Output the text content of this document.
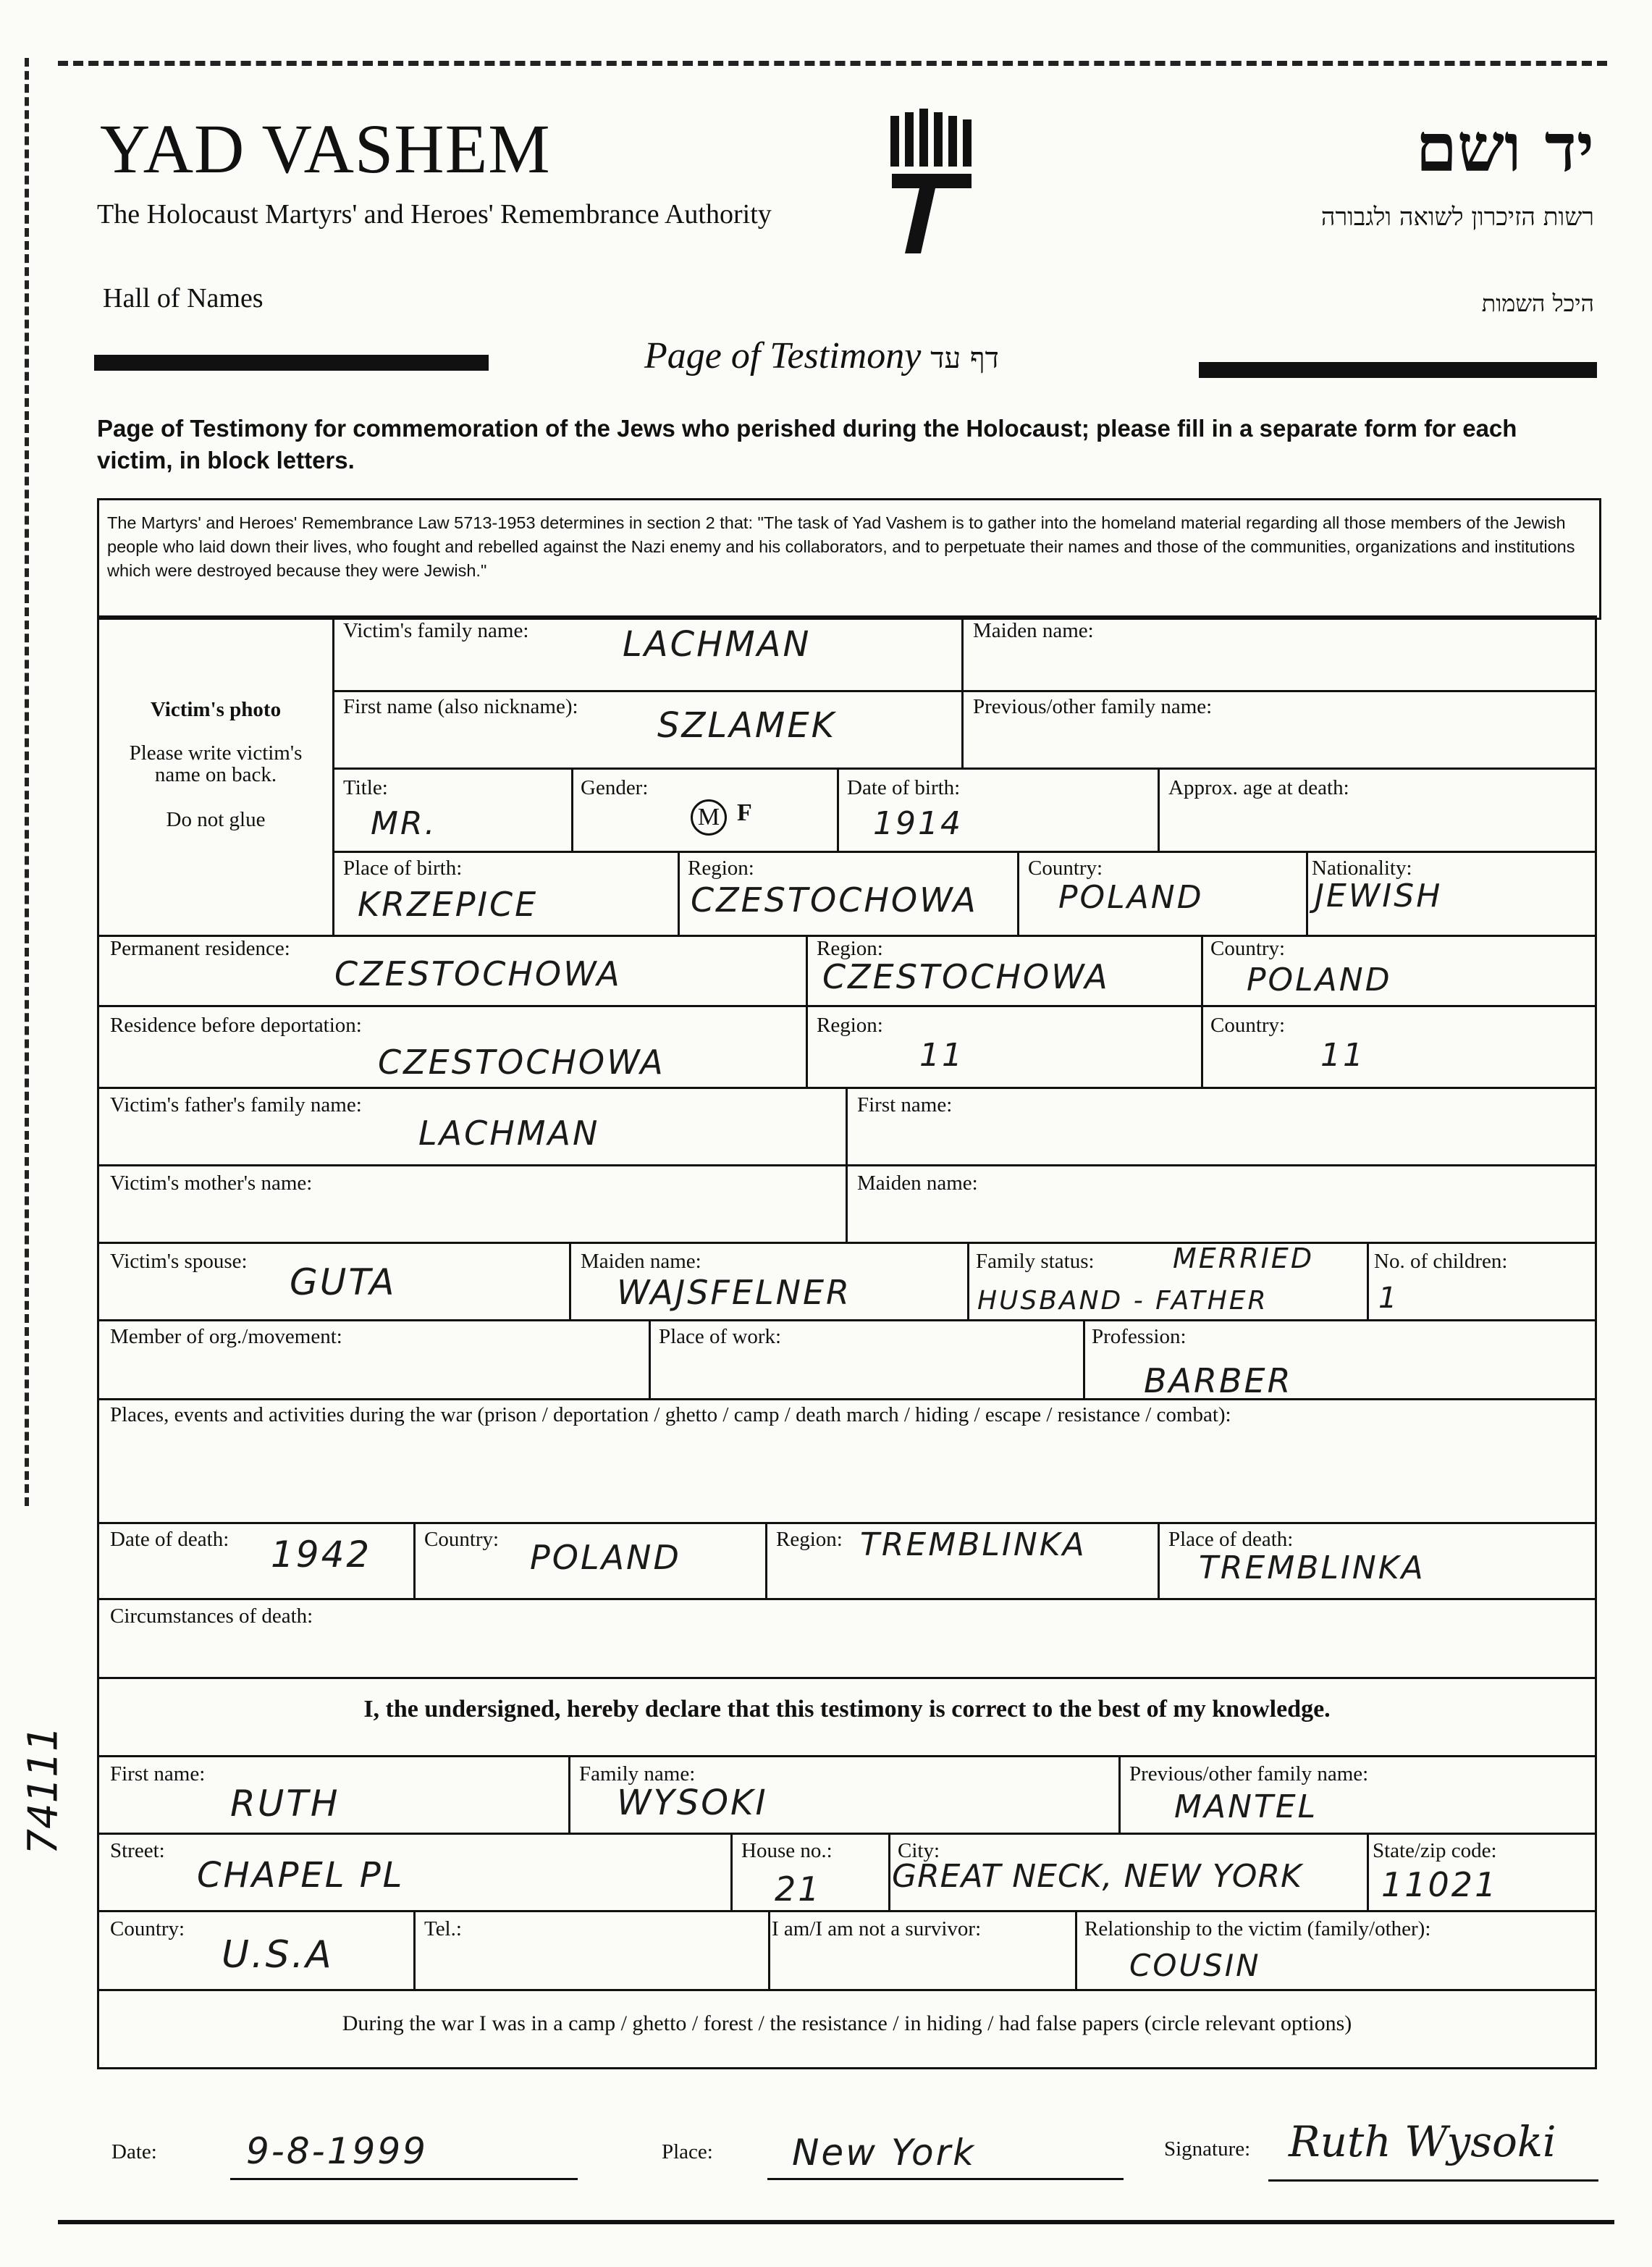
YAD VASHEM
The Holocaust Martyrs' and Heroes' Remembrance Authority
Hall of Names
יד ושם
רשות הזיכרון לשואה ולגבורה
היכל השמות
Page of Testimony דף עד
Page of Testimony for commemoration of the Jews who perished during the Holocaust; please fill in a separate form for each victim, in block letters.
The Martyrs' and Heroes' Remembrance Law 5713-1953 determines in section 2 that: "The task of Yad Vashem is to gather into the homeland material regarding all those members of the Jewish people who laid down their lives, who fought and rebelled against the Nazi enemy and his collaborators, and to perpetuate their names and those of the communities, organizations and institutions which were destroyed because they were Jewish."
Victim's photo
Please write victim's
name on back.
Do not glue
Victim's family name:	LACHMAN	Maiden name:
First name (also nickname): SZLAMEK	Previous/other family name:
Title:
MR.
Gender:
M F
Date of birth:
1914
Approx. age at death:
Place of birth:
KRZEPICE
Region:
CZESTOCHOWA
Country:
POLAND
Nationality:
JEWISH
Permanent residence:
CZESTOCHOWA
Region:
CZESTOCHOWA
Country:
POLAND
Residence before deportation:
CZESTOCHOWA
Region:
11
Country:
11
Victim's father's family name:
LACHMAN
First name:
Victim's mother's name:	Maiden name:
Victim's spouse: GUTA	Maiden name:
WAJSFELNER
Family status:	MERRIED
HUSBAND - FATHER
No. of children:
1
Member of org./movement:	Place of work:	Profession:
BARBER
Places, events and activities during the war (prison / deportation / ghetto / camp / death march / hiding / escape / resistance / combat):
Date of death: 1942	Country: POLAND	Region: TREMBLINKA	Place of death:
TREMBLINKA
Circumstances of death:
I, the undersigned, hereby declare that this testimony is correct to the best of my knowledge.
First name:
RUTH
Family name:
WYSOKI
Previous/other family name:
MANTEL
Street:
CHAPEL PL
House no.:
21
City:
GREAT NECK, NEW YORK
State/zip code:
11021
Country:
U.S.A
Tel.:	I am/I am not a survivor:	Relationship to the victim (family/other):
COUSIN
During the war I was in a camp / ghetto / forest / the resistance / in hiding / had false papers (circle relevant options)
Date: 9-8-1999	Place: New York	Signature: Ruth Wysoki
74111
